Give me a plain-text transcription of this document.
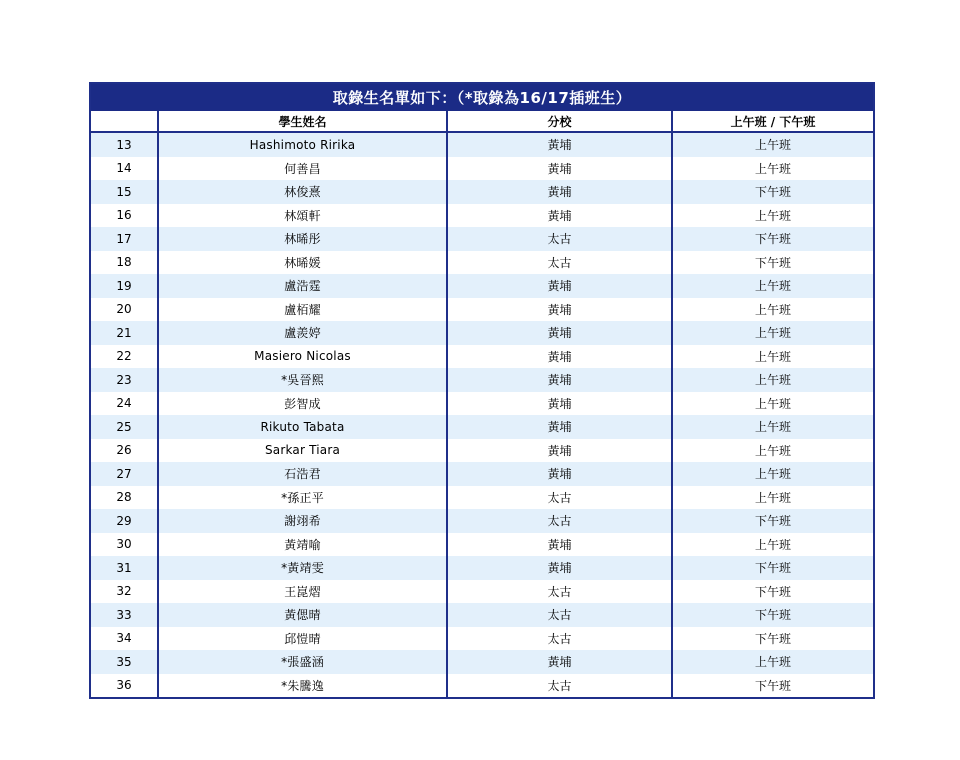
取錄生名單如下：（*取錄為16/17插班生）
	學生姓名	分校	上午班 / 下午班
13	Hashimoto Ririka	黃埔	上午班
14	何善昌	黃埔	上午班
15	林俊熹	黃埔	下午班
16	林頌軒	黃埔	上午班
17	林晞彤	太古	下午班
18	林晞媛	太古	下午班
19	盧浩霆	黃埔	上午班
20	盧栢耀	黃埔	上午班
21	盧羨婷	黃埔	上午班
22	Masiero Nicolas	黃埔	上午班
23	*吳晉熙	黃埔	上午班
24	彭智成	黃埔	上午班
25	Rikuto Tabata	黃埔	上午班
26	Sarkar Tiara	黃埔	上午班
27	石浩君	黃埔	上午班
28	*孫正平	太古	上午班
29	謝翊希	太古	下午班
30	黃靖喻	黃埔	上午班
31	*黃靖雯	黃埔	下午班
32	王崑熠	太古	下午班
33	黃偲晴	太古	下午班
34	邱愷晴	太古	下午班
35	*張盛涵	黃埔	上午班
36	*朱騰逸	太古	下午班
